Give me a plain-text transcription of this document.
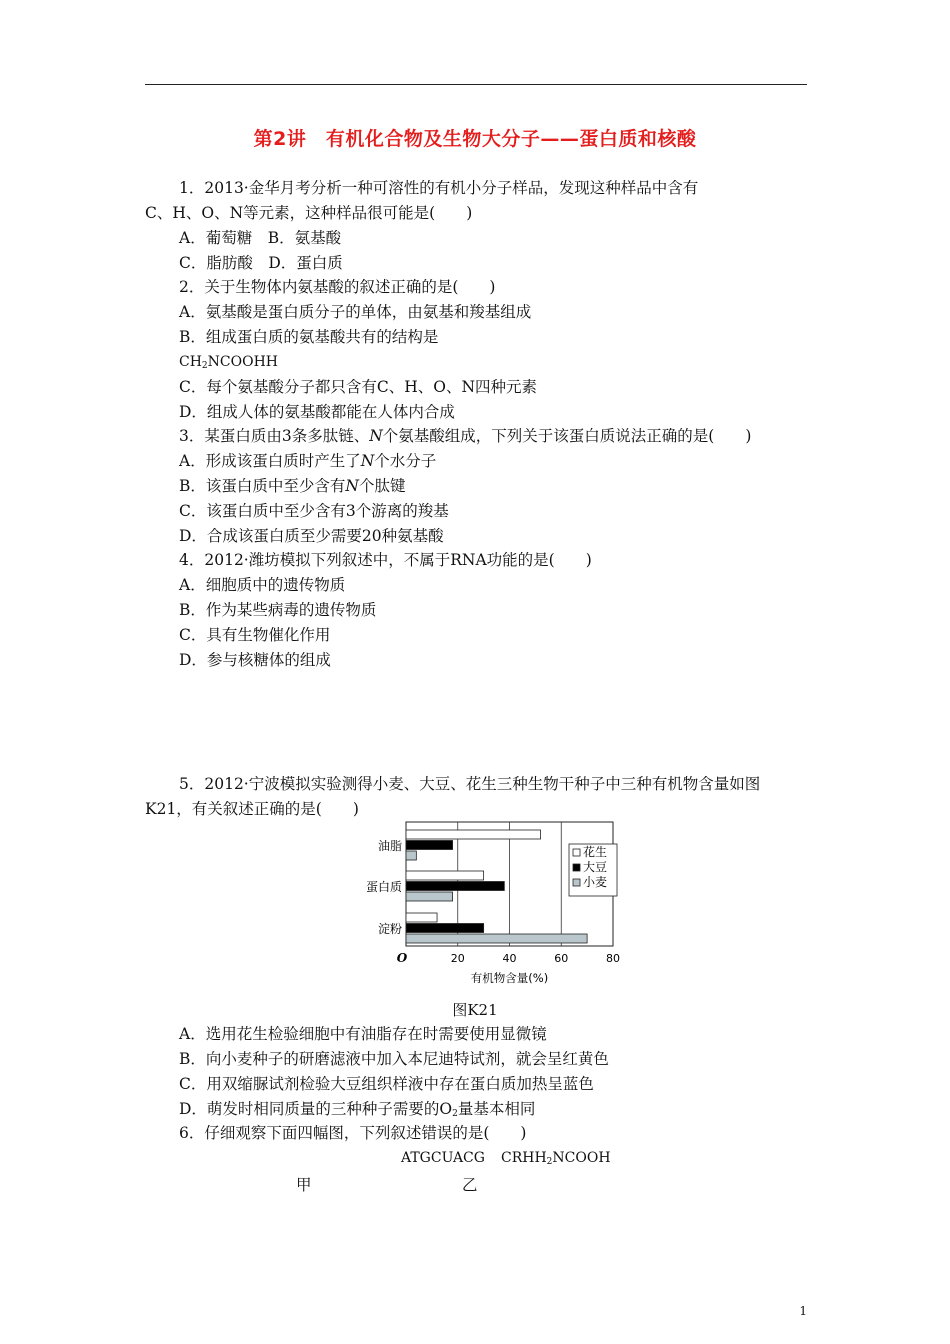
第2讲　有机化合物及生物大分子——蛋白质和核酸
1．2013·金华月考分析一种可溶性的有机小分子样品，发现这种样品中含有
C、H、O、N等元素，这种样品很可能是(　　)
A．葡萄糖　B．氨基酸
C．脂肪酸　D．蛋白质
2．关于生物体内氨基酸的叙述正确的是(　　)
A．氨基酸是蛋白质分子的单体，由氨基和羧基组成
B．组成蛋白质的氨基酸共有的结构是
$CH_2NCOOHH$
C．每个氨基酸分子都只含有C、H、O、N四种元素
D．组成人体的氨基酸都能在人体内合成
3．某蛋白质由3条多肽链、N个氨基酸组成，下列关于该蛋白质说法正确的是(　　)
A．形成该蛋白质时产生了N个水分子
B．该蛋白质中至少含有N个肽键
C．该蛋白质中至少含有3个游离的羧基
D．合成该蛋白质至少需要20种氨基酸
4．2012·潍坊模拟下列叙述中，不属于RNA功能的是(　　)
A．细胞质中的遗传物质
B．作为某些病毒的遗传物质
C．具有生物催化作用
D．参与核糖体的组成
5．2012·宁波模拟实验测得小麦、大豆、花生三种生物干种子中三种有机物含量如图
K21，有关叙述正确的是(　　)
油脂
蛋白质
淀粉
O	20	40	60	80
有机物含量(%)
花生
大豆
小麦
图K21
A．选用花生检验细胞中有油脂存在时需要使用显微镜
B．向小麦种子的研磨滤液中加入本尼迪特试剂，就会呈红黄色
C．用双缩脲试剂检验大豆组织样液中存在蛋白质加热呈蓝色
D．萌发时相同质量的三种种子需要的$O_2$量基本相同
6．仔细观察下面四幅图，下列叙述错误的是(　　)
ATGCUACG $CRHH_2NCOOH$
甲	乙
1
